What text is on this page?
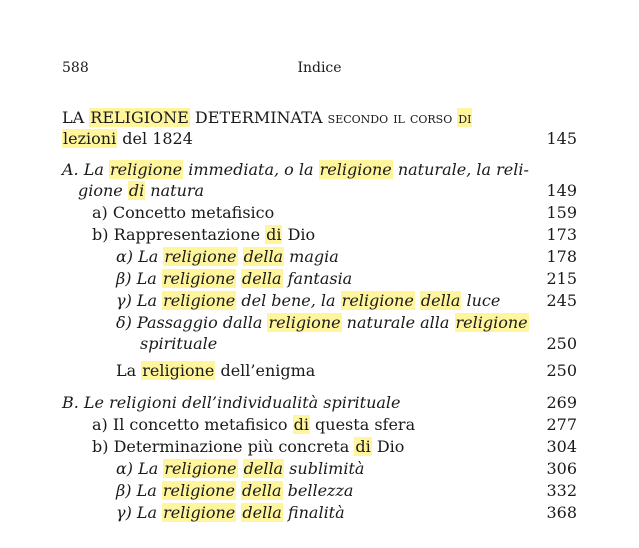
588	Indice
LA RELIGIONE DETERMINATA secondo il corso di
lezioni del 1824	145
A. La religione immediata, o la religione naturale, la reli-
gione di natura	149
a) Concetto metafisico	159
b) Rappresentazione di Dio	173
α) La religione della magia	178
β) La religione della fantasia	215
γ) La religione del bene, la religione della luce	245
δ) Passaggio dalla religione naturale alla religione
spirituale	250
La religione dell’enigma	250
B. Le religioni dell’individualità spirituale	269
a) Il concetto metafisico di questa sfera	277
b) Determinazione più concreta di Dio	304
α) La religione della sublimità	306
β) La religione della bellezza	332
γ) La religione della finalità	368
